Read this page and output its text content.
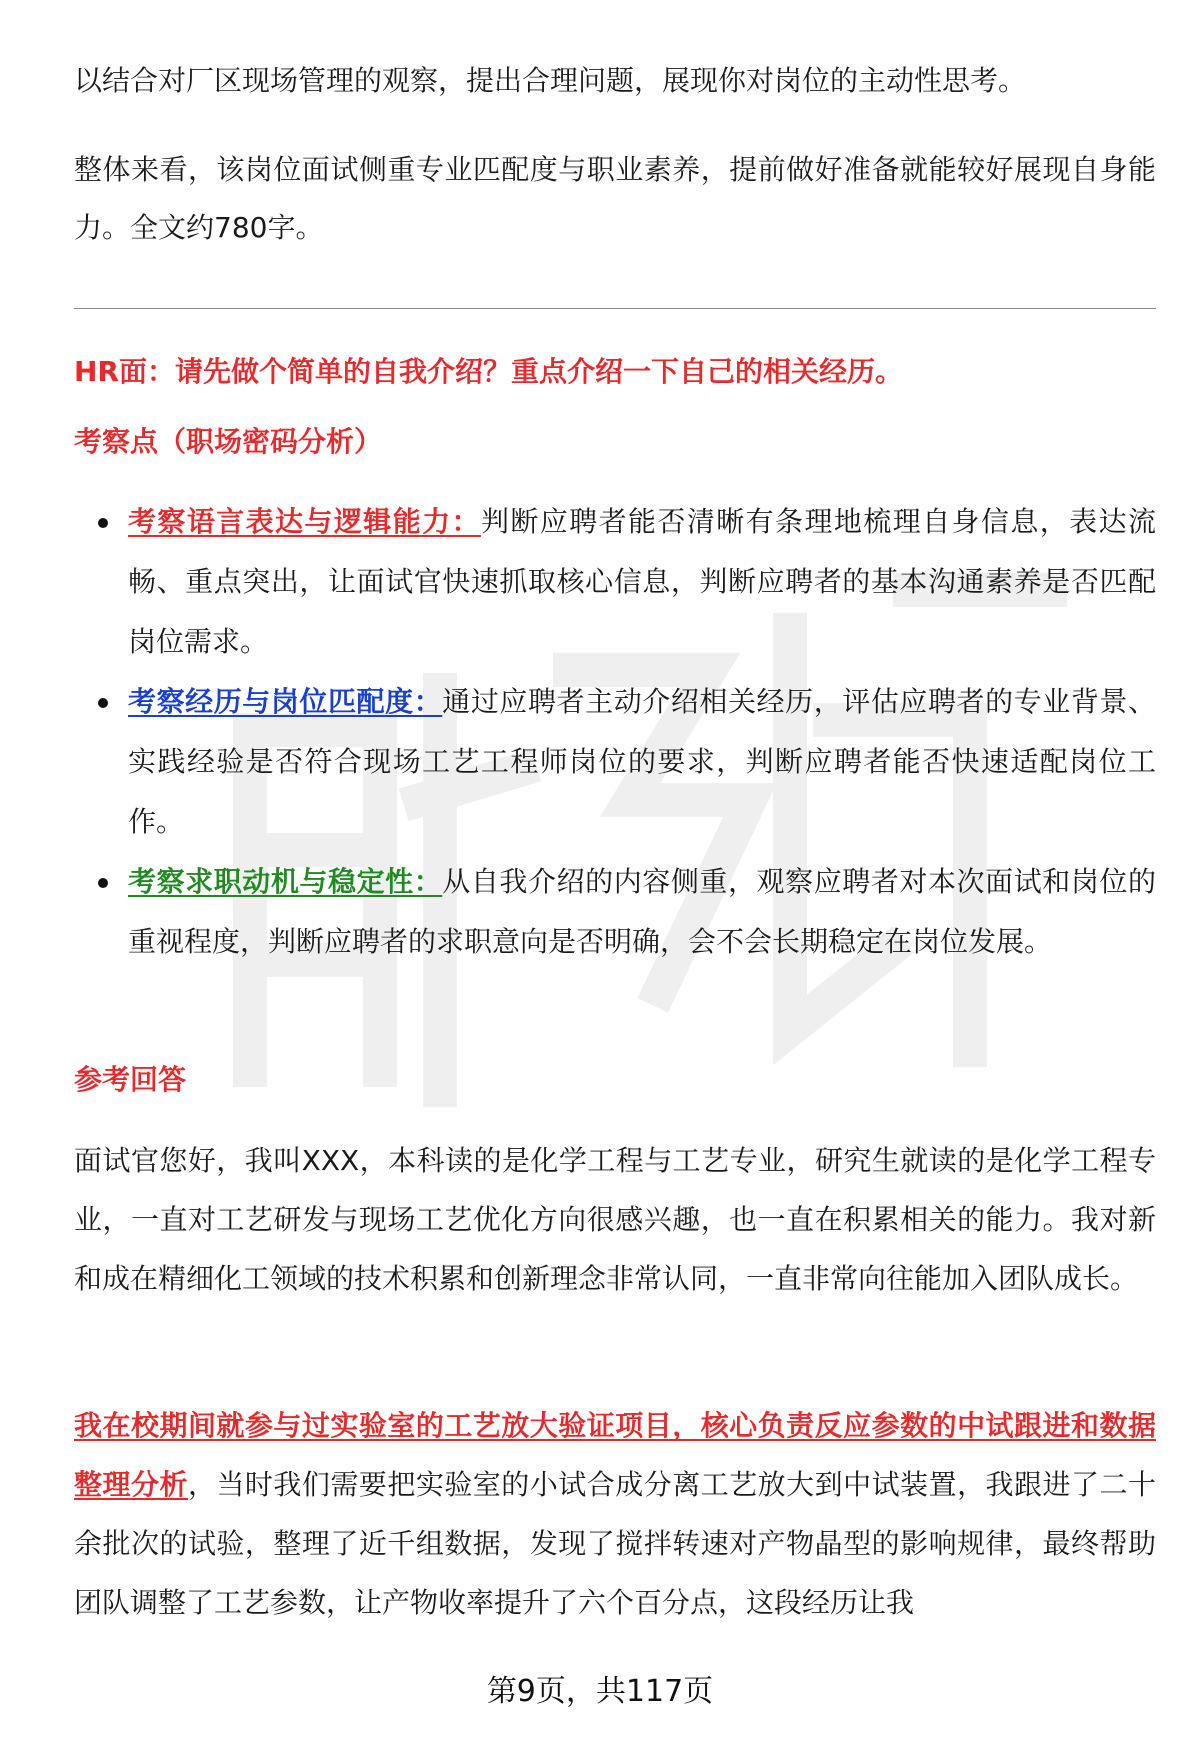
以结合对厂区现场管理的观察，提出合理问题，展现你对岗位的主动性思考。

整体来看，该岗位面试侧重专业匹配度与职业素养，提前做好准备就能较好展现自身能力。全文约780字。

HR面：请先做个简单的自我介绍？重点介绍一下自己的相关经历。
考察点（职场密码分析）
考察语言表达与逻辑能力：判断应聘者能否清晰有条理地梳理自身信息，表达流畅、重点突出，让面试官快速抓取核心信息，判断应聘者的基本沟通素养是否匹配岗位需求。
考察经历与岗位匹配度：通过应聘者主动介绍相关经历，评估应聘者的专业背景、实践经验是否符合现场工艺工程师岗位的要求，判断应聘者能否快速适配岗位工作。
考察求职动机与稳定性：从自我介绍的内容侧重，观察应聘者对本次面试和岗位的重视程度，判断应聘者的求职意向是否明确，会不会长期稳定在岗位发展。
参考回答

面试官您好，我叫XXX，本科读的是化学工程与工艺专业，研究生就读的是化学工程专业，一直对工艺研发与现场工艺优化方向很感兴趣，也一直在积累相关的能力。我对新和成在精细化工领域的技术积累和创新理念非常认同，一直非常向往能加入团队成长。

我在校期间就参与过实验室的工艺放大验证项目，核心负责反应参数的中试跟进和数据整理分析，当时我们需要把实验室的小试合成分离工艺放大到中试装置，我跟进了二十余批次的试验，整理了近千组数据，发现了搅拌转速对产物晶型的影响规律，最终帮助团队调整了工艺参数，让产物收率提升了六个百分点，这段经历让我

第9页，共117页
